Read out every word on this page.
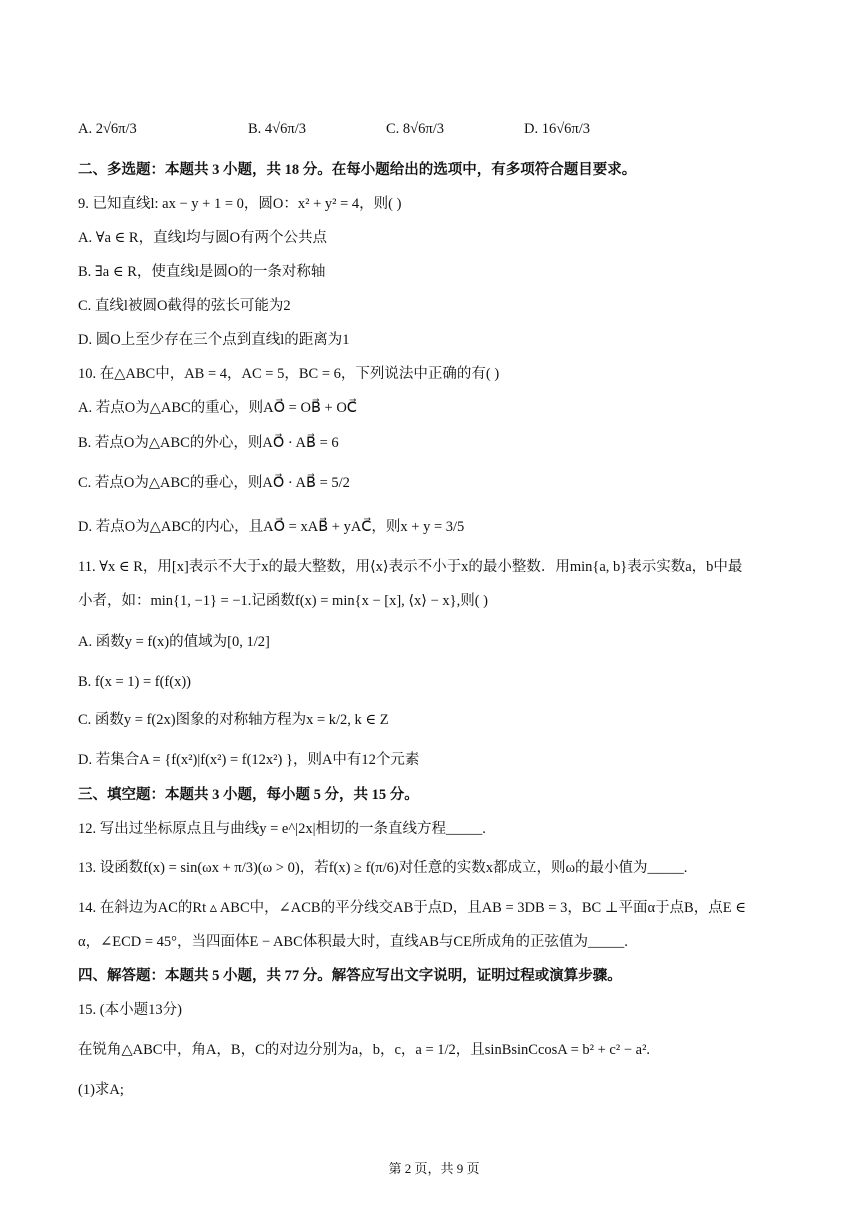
A. 2√6π/3	B. 4√6π/3	C. 8√6π/3	D. 16√6π/3
二、多选题：本题共 3 小题，共 18 分。在每小题给出的选项中，有多项符合题目要求。
9. 已知直线l: ax − y + 1 = 0，圆O：x² + y² = 4，则( )
A. ∀a ∈ R，直线l均与圆O有两个公共点
B. ∃a ∈ R，使直线l是圆O的一条对称轴
C. 直线l被圆O截得的弦长可能为2
D. 圆O上至少存在三个点到直线l的距离为1
10. 在△ABC中，AB = 4，AC = 5，BC = 6，下列说法中正确的有( )
A. 若点O为△ABC的重心，则AO⃗ = OB⃗ + OC⃗
B. 若点O为△ABC的外心，则AO⃗ · AB⃗ = 6
C. 若点O为△ABC的垂心，则AO⃗ · AB⃗ = 5/2
D. 若点O为△ABC的内心，且AO⃗ = xAB⃗ + yAC⃗，则x + y = 3/5
11. ∀x ∈ R，用[x]表示不大于x的最大整数，用⟨x⟩表示不小于x的最小整数．用min{a, b}表示实数a，b中最
小者，如：min{1, −1} = −1.记函数f(x) = min{x − [x], ⟨x⟩ − x},则( )
A. 函数y = f(x)的值域为[0, 1/2]
B. f(x = 1) = f(f(x))
C. 函数y = f(2x)图象的对称轴方程为x = k/2, k ∈ Z
D. 若集合A = {f(x²)|f(x²) = f(12x²) }，则A中有12个元素
三、填空题：本题共 3 小题，每小题 5 分，共 15 分。
12. 写出过坐标原点且与曲线y = e^|2x|相切的一条直线方程_____.
13. 设函数f(x) = sin(ωx + π/3)(ω > 0)，若f(x) ≥ f(π/6)对任意的实数x都成立，则ω的最小值为_____.
14. 在斜边为AC的Rt ▵ ABC中，∠ACB的平分线交AB于点D，且AB = 3DB = 3，BC ⊥平面α于点B，点E ∈
α，∠ECD = 45°，当四面体E − ABC体积最大时，直线AB与CE所成角的正弦值为_____.
四、解答题：本题共 5 小题，共 77 分。解答应写出文字说明，证明过程或演算步骤。
15. (本小题13分)
在锐角△ABC中，角A，B，C的对边分别为a，b，c，a = 1/2，且sinBsinCcosA = b² + c² − a².
(1)求A;
第 2 页，共 9 页
